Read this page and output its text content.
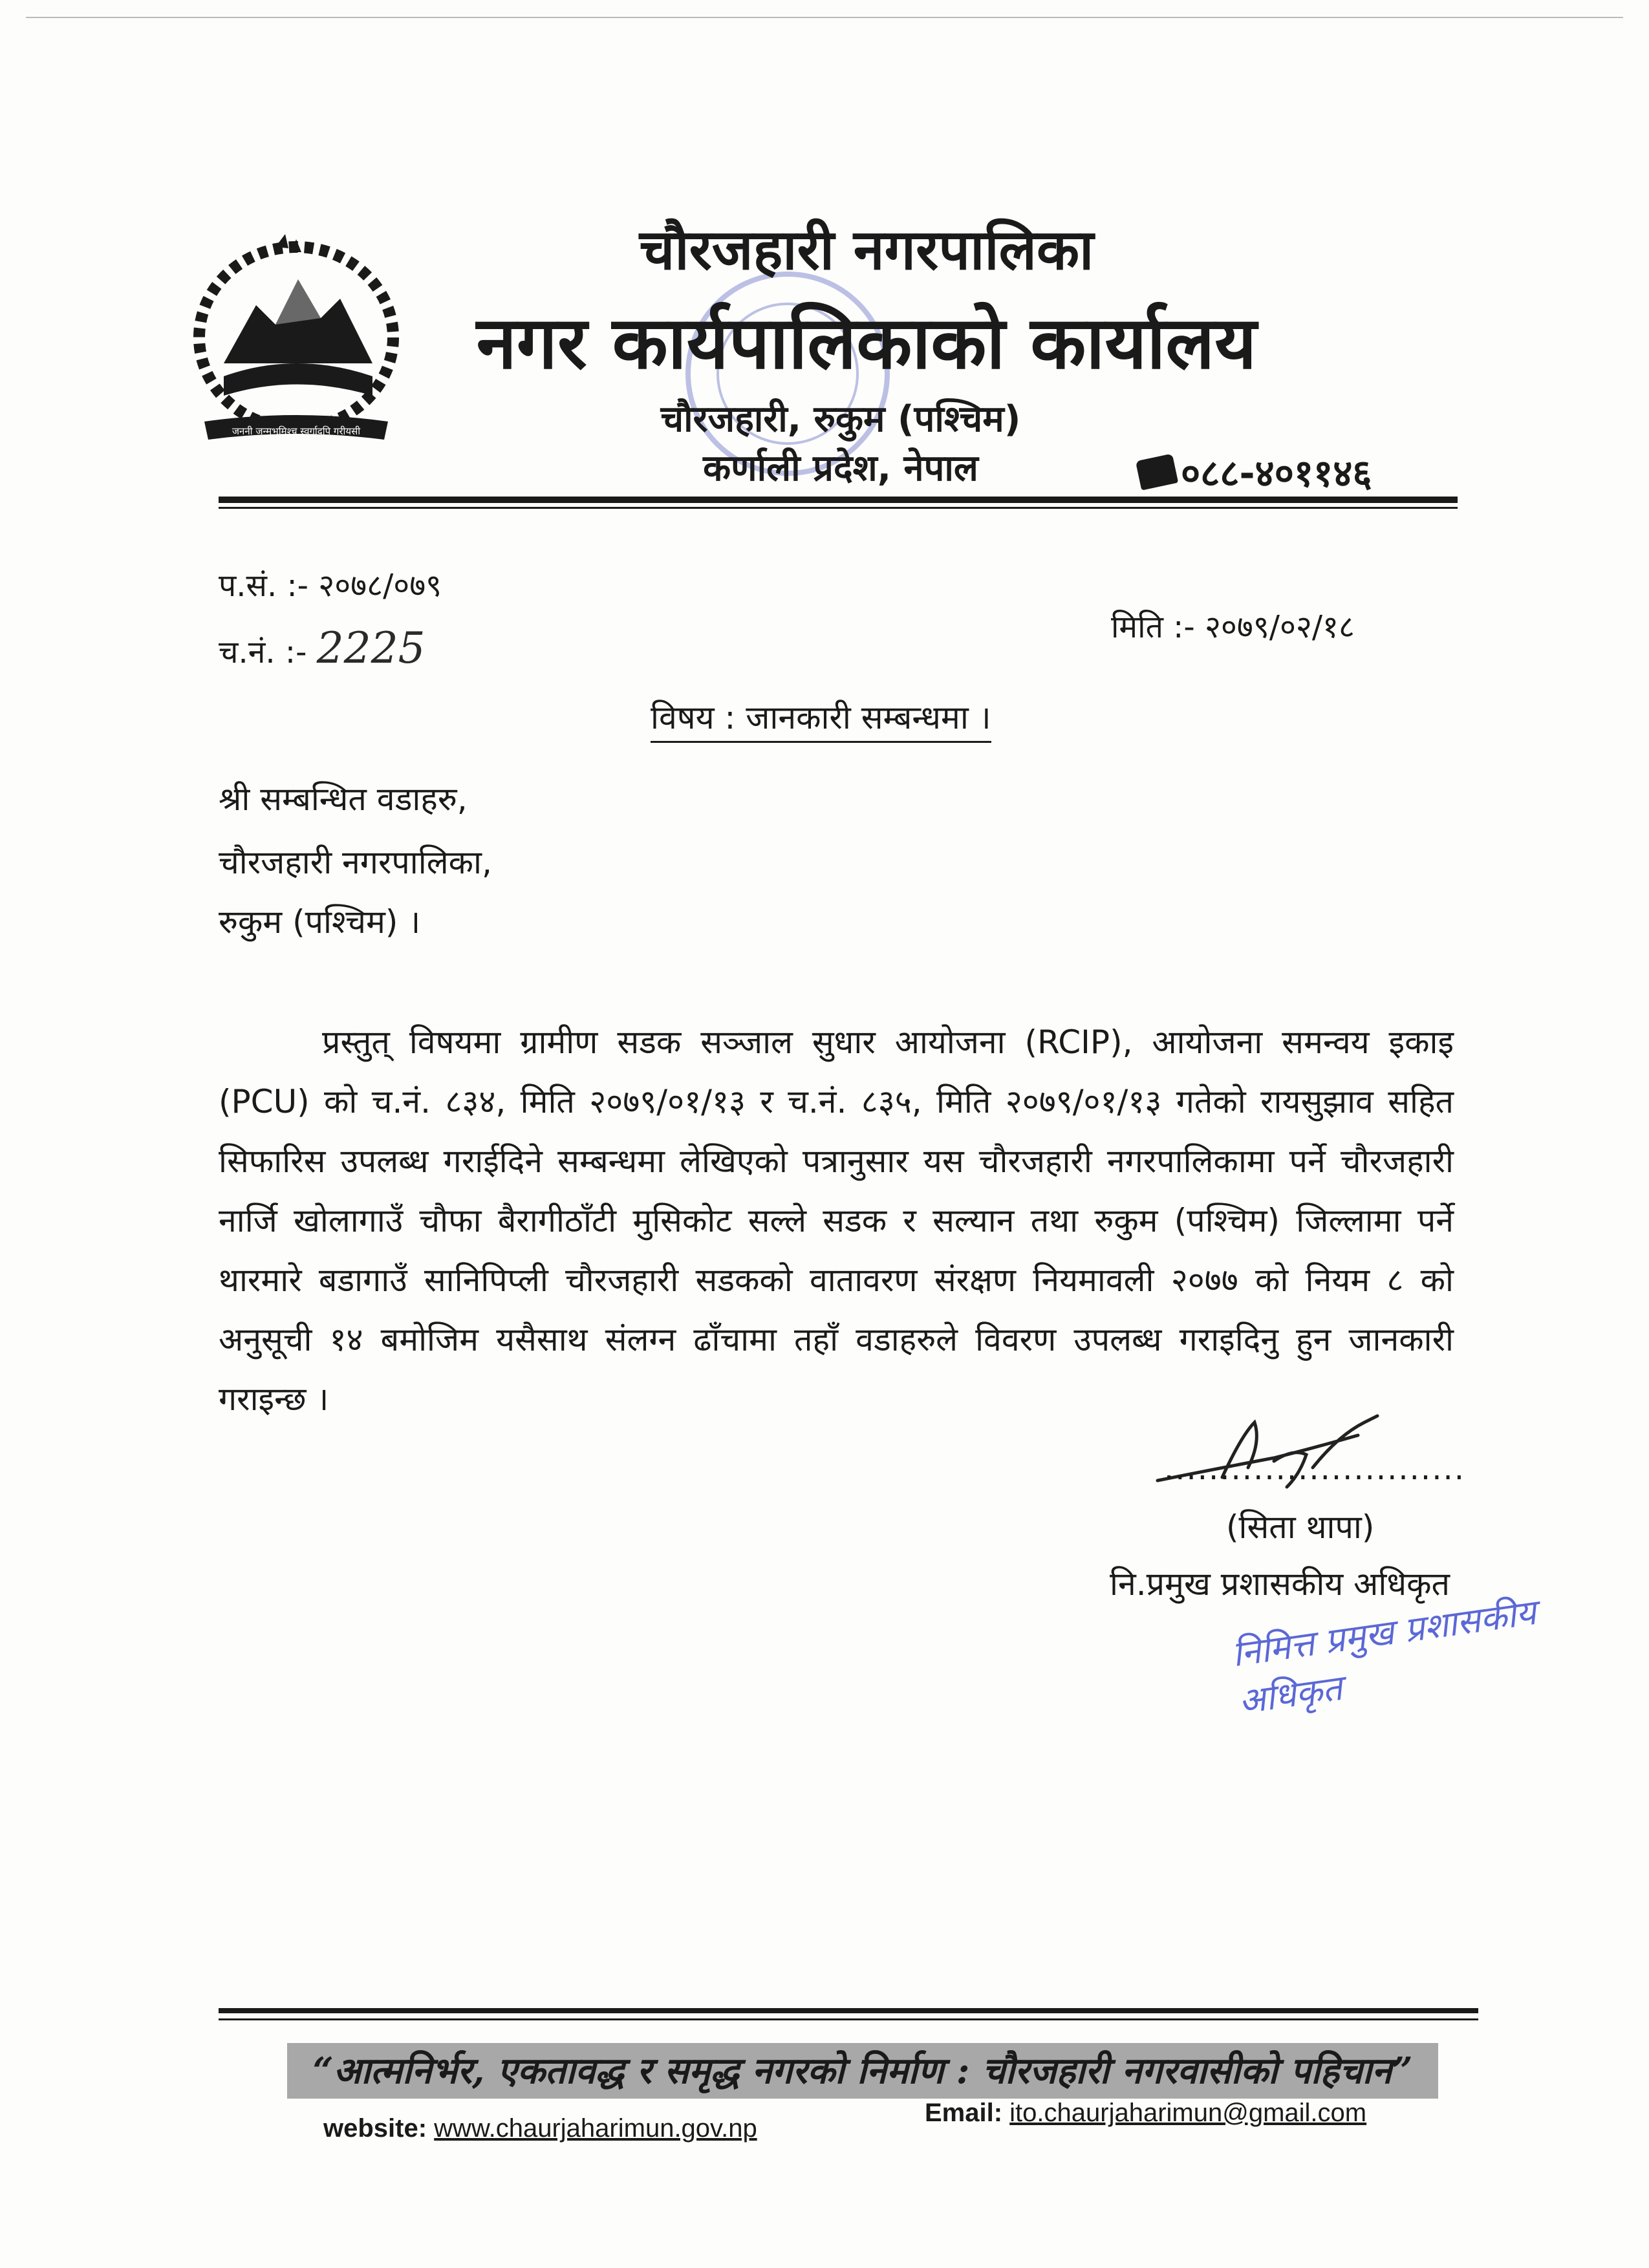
जननी जन्मभूमिश्च स्वर्गादपि गरीयसी
चौरजहारी नगरपालिका
नगर कार्यपालिकाको कार्यालय
चौरजहारी, रुकुम (पश्चिम)
कर्णाली प्रदेश, नेपाल	०८८-४०११४६
प.सं. :- २०७८/०७९
च.नं. :- 2225	मिति :- २०७९/०२/१८
विषय : जानकारी सम्बन्धमा ।
श्री सम्बन्धित वडाहरु,
चौरजहारी नगरपालिका,
रुकुम (पश्चिम) ।
प्रस्तुत् विषयमा ग्रामीण सडक सञ्जाल सुधार आयोजना (RCIP), आयोजना समन्वय इकाइ (PCU) को च.नं. ८३४, मिति २०७९/०१/१३ र च.नं. ८३५, मिति २०७९/०१/१३ गतेको रायसुझाव सहित सिफारिस उपलब्ध गराईदिने सम्बन्धमा लेखिएको पत्रानुसार यस चौरजहारी नगरपालिकामा पर्ने चौरजहारी नार्जि खोलागाउँ चौफा बैरागीठाँटी मुसिकोट सल्ले सडक र सल्यान तथा रुकुम (पश्चिम) जिल्लामा पर्ने थारमारे बडागाउँ सानिपिप्ली चौरजहारी सडकको वातावरण संरक्षण नियमावली २०७७ को नियम ८ को अनुसूची १४ बमोजिम यसैसाथ संलग्न ढाँचामा तहाँ वडाहरुले विवरण उपलब्ध गराइदिनु हुन जानकारी गराइन्छ ।
...........................
(सिता थापा)
नि.प्रमुख प्रशासकीय अधिकृत
निमित्त प्रमुख प्रशासकीय अधिकृत
“आत्मनिर्भर, एकतावद्ध र समृद्ध नगरको निर्माण : चौरजहारी नगरवासीको पहिचान”
website: www.chaurjaharimun.gov.np
Email: ito.chaurjaharimun@gmail.com
